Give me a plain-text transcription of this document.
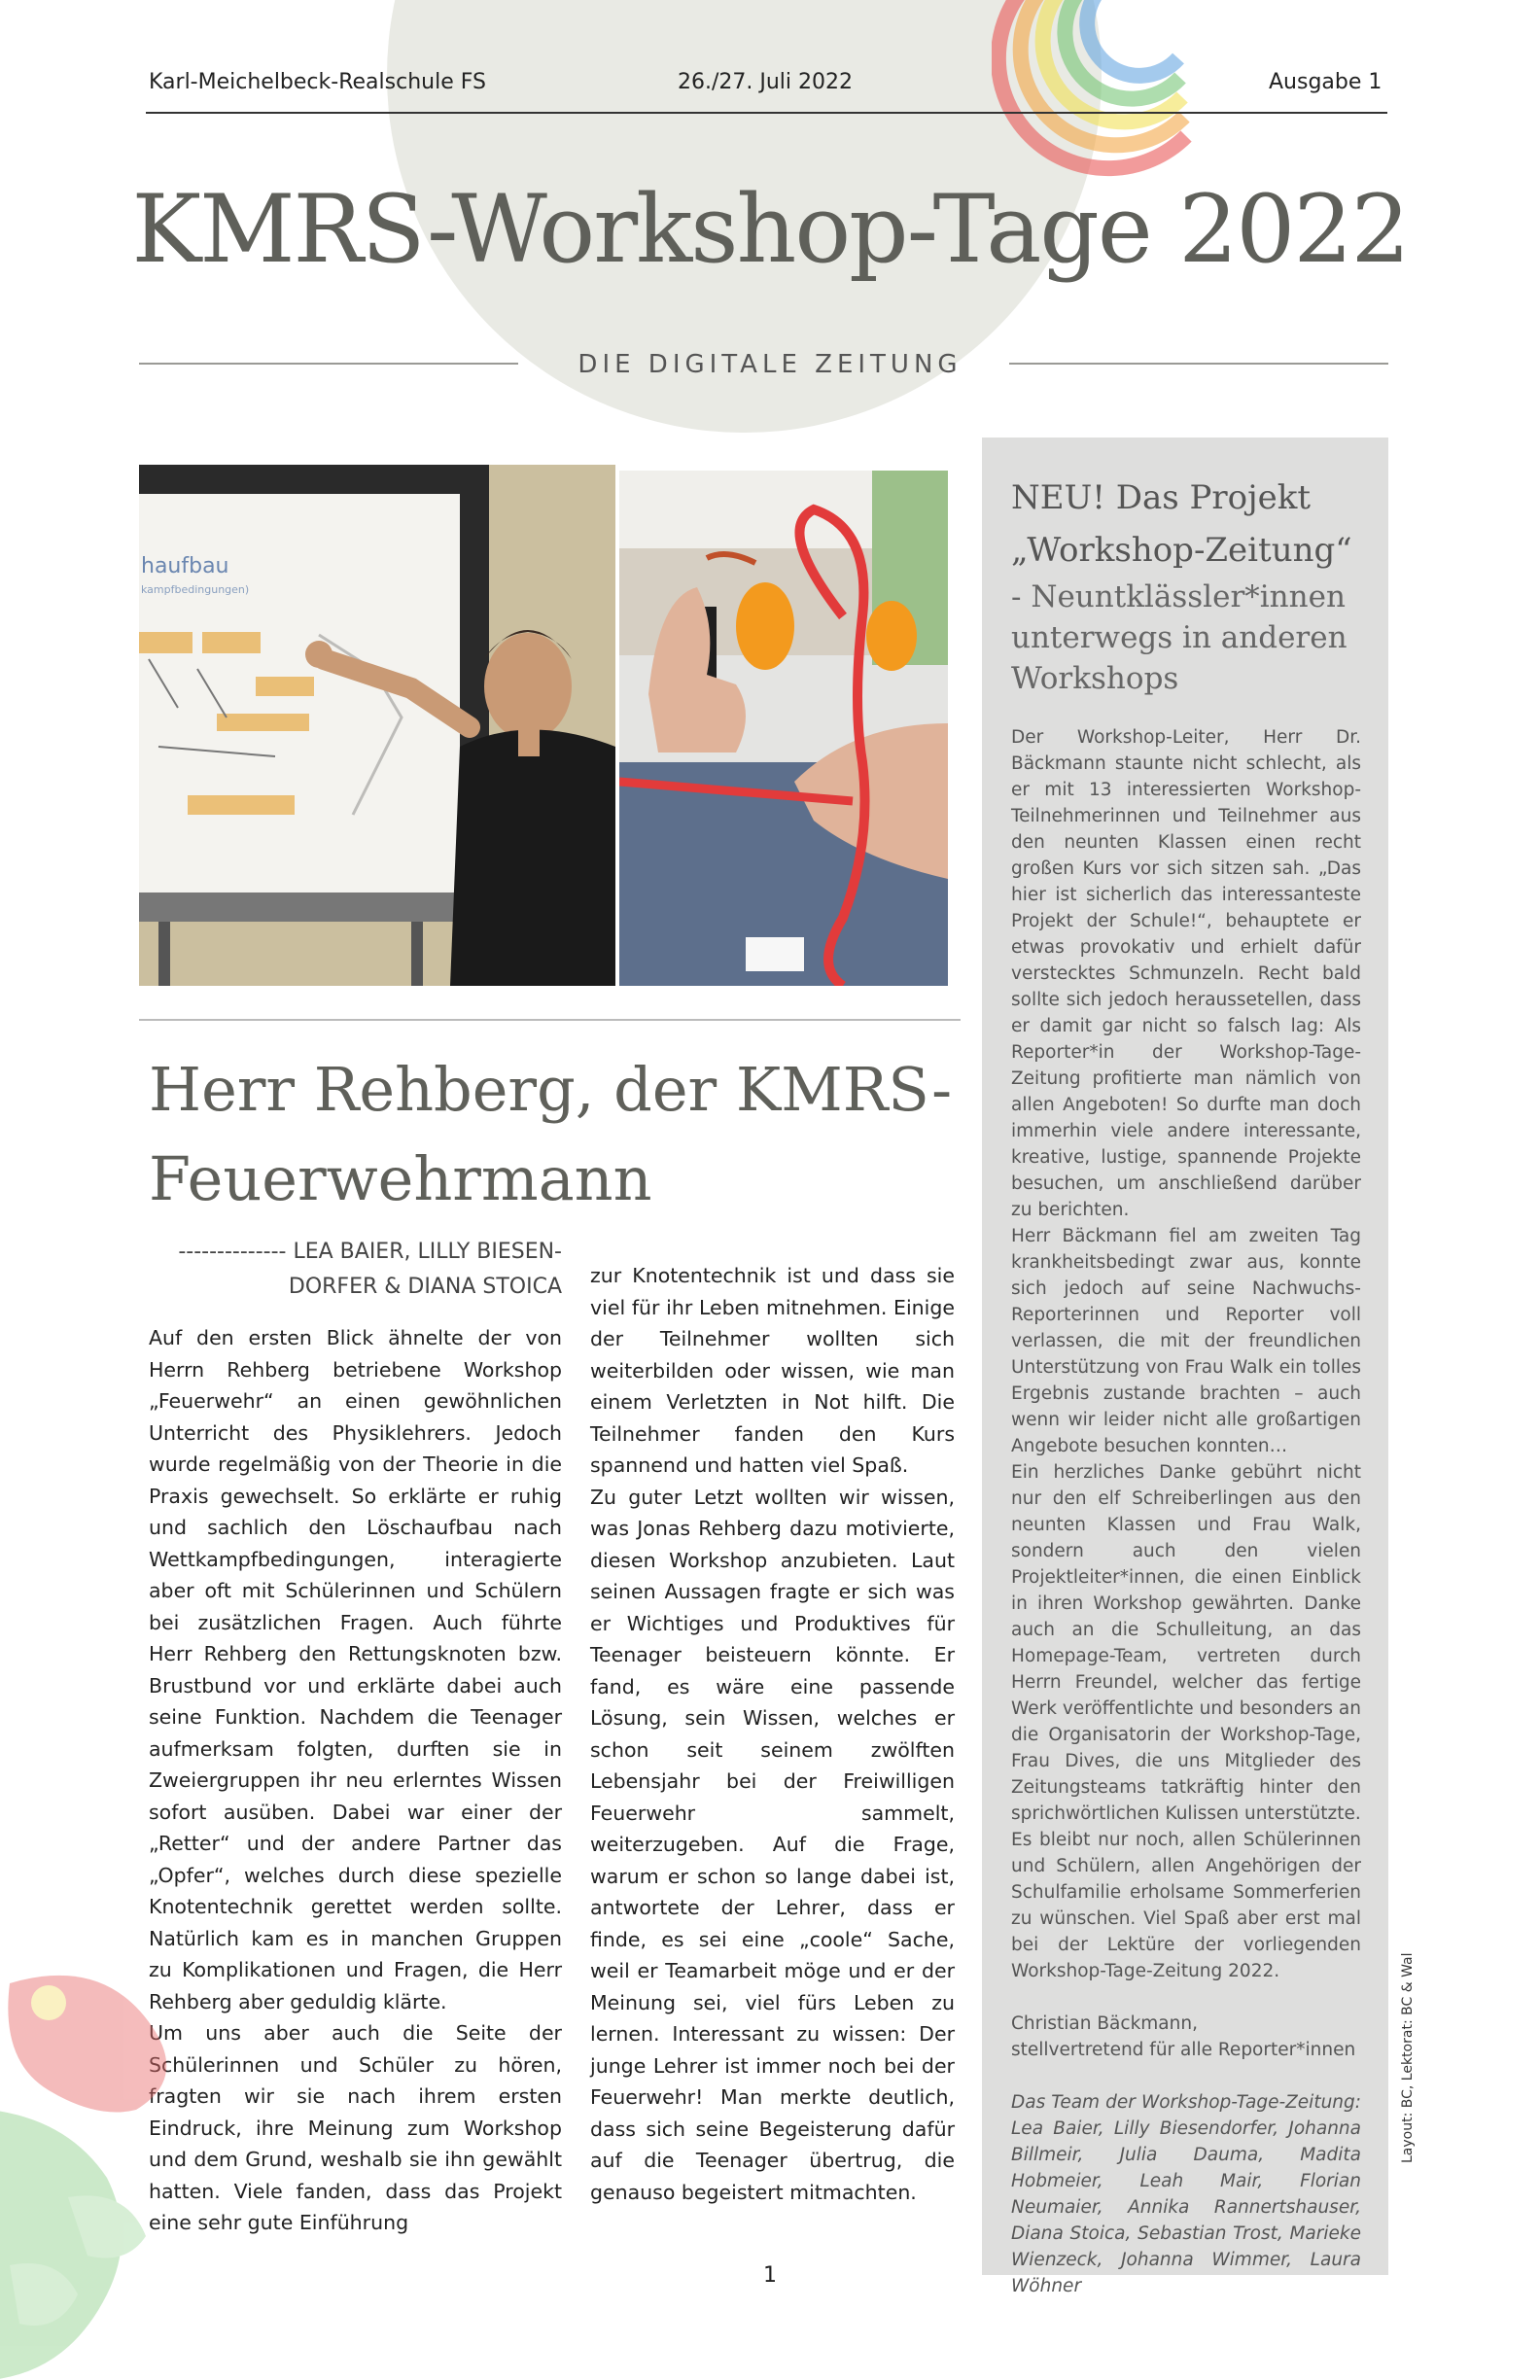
Karl-Meichelbeck-Realschule FS	26./27. Juli 2022	Ausgabe 1
KMRS-Workshop-Tage 2022
DIE DIGITALE ZEITUNG
haufbau
kampfbedingungen)
Herr Rehberg, der KMRS-Feuerwehrmann
-------------- LEA BAIER, LILLY BIESEN-DORFER & DIANA STOICA

Auf den ersten Blick ähnelte der von Herrn Rehberg betriebene Workshop „Feuerwehr“ an einen gewöhnlichen Unterricht des Physiklehrers. Jedoch wurde regelmäßig von der Theorie in die Praxis gewechselt. So erklärte er ruhig und sachlich den Löschaufbau nach Wettkampfbedingungen, interagierte aber oft mit Schülerinnen und Schülern bei zusätzlichen Fragen. Auch führte Herr Rehberg den Rettungsknoten bzw. Brustbund vor und erklärte dabei auch seine Funktion. Nachdem die Teenager aufmerksam folgten, durften sie in Zweiergruppen ihr neu erlerntes Wissen sofort ausüben. Dabei war einer der „Retter“ und der andere Partner das „Opfer“, welches durch diese spezielle Knotentechnik gerettet werden sollte. Natürlich kam es in manchen Gruppen zu Komplikationen und Fragen, die Herr Rehberg aber geduldig klärte.

Um uns aber auch die Seite der Schülerinnen und Schüler zu hören, fragten wir sie nach ihrem ersten Eindruck, ihre Meinung zum Workshop und dem Grund, weshalb sie ihn gewählt hatten. Viele fanden, dass das Projekt eine sehr gute Einführung

zur Knotentechnik ist und dass sie viel für ihr Leben mitnehmen. Einige der Teilnehmer wollten sich weiterbilden oder wissen, wie man einem Verletzten in Not hilft. Die Teilnehmer fanden den Kurs spannend und hatten viel Spaß.

Zu guter Letzt wollten wir wissen, was Jonas Rehberg dazu motivierte, diesen Workshop anzubieten. Laut seinen Aussagen fragte er sich was er Wichtiges und Produktives für Teenager beisteuern könnte. Er fand, es wäre eine passende Lösung, sein Wissen, welches er schon seit seinem zwölften Lebensjahr bei der Freiwilligen Feuerwehr sammelt, weiterzugeben. Auf die Frage, warum er schon so lange dabei ist, antwortete der Lehrer, dass er finde, es sei eine „coole“ Sache, weil er Teamarbeit möge und er der Meinung sei, viel fürs Leben zu lernen. Interessant zu wissen: Der junge Lehrer ist immer noch bei der Feuerwehr! Man merkte deutlich, dass sich seine Begeisterung dafür auf die Teenager übertrug, die genauso begeistert mitmachten.

NEU! Das Projekt „Workshop-Zeitung“
- Neuntklässler*innen unterwegs in anderen Workshops

Der Workshop-Leiter, Herr Dr. Bäckmann staunte nicht schlecht, als er mit 13 interessierten Workshop-Teilnehmerinnen und Teilnehmer aus den neunten Klassen einen recht großen Kurs vor sich sitzen sah. „Das hier ist sicherlich das interessanteste Projekt der Schule!“, behauptete er etwas provokativ und erhielt dafür verstecktes Schmunzeln. Recht bald sollte sich jedoch heraussetellen, dass er damit gar nicht so falsch lag: Als Reporter*in der Workshop-Tage-Zeitung profitierte man nämlich von allen Angeboten! So durfte man doch immerhin viele andere interessante, kreative, lustige, spannende Projekte besuchen, um anschließend darüber zu berichten.

Herr Bäckmann fiel am zweiten Tag krankheitsbedingt zwar aus, konnte sich jedoch auf seine Nachwuchs-Reporterinnen und Reporter voll verlassen, die mit der freundlichen Unterstützung von Frau Walk ein tolles Ergebnis zustande brachten – auch wenn wir leider nicht alle großartigen Angebote besuchen konnten…

Ein herzliches Danke gebührt nicht nur den elf Schreiberlingen aus den neunten Klassen und Frau Walk, sondern auch den vielen Projektleiter*innen, die einen Einblick in ihren Workshop gewährten. Danke auch an die Schulleitung, an das Homepage-Team, vertreten durch Herrn Freundel, welcher das fertige Werk veröffentlichte und besonders an die Organisatorin der Workshop-Tage, Frau Dives, die uns Mitglieder des Zeitungsteams tatkräftig hinter den sprichwörtlichen Kulissen unterstützte.

Es bleibt nur noch, allen Schülerinnen und Schülern, allen Angehörigen der Schulfamilie erholsame Sommerferien zu wünschen. Viel Spaß aber erst mal bei der Lektüre der vorliegenden Workshop-Tage-Zeitung 2022.

Christian Bäckmann,
stellvertretend für alle Reporter*innen

Das Team der Workshop-Tage-Zeitung: Lea Baier, Lilly Biesendorfer, Johanna Billmeir, Julia Dauma, Madita Hobmeier, Leah Mair, Florian Neumaier, Annika Rannertshauser, Diana Stoica, Sebastian Trost, Marieke Wienzeck, Johanna Wimmer, Laura Wöhner

Layout: BC, Lektorat: BC & Wal
1
